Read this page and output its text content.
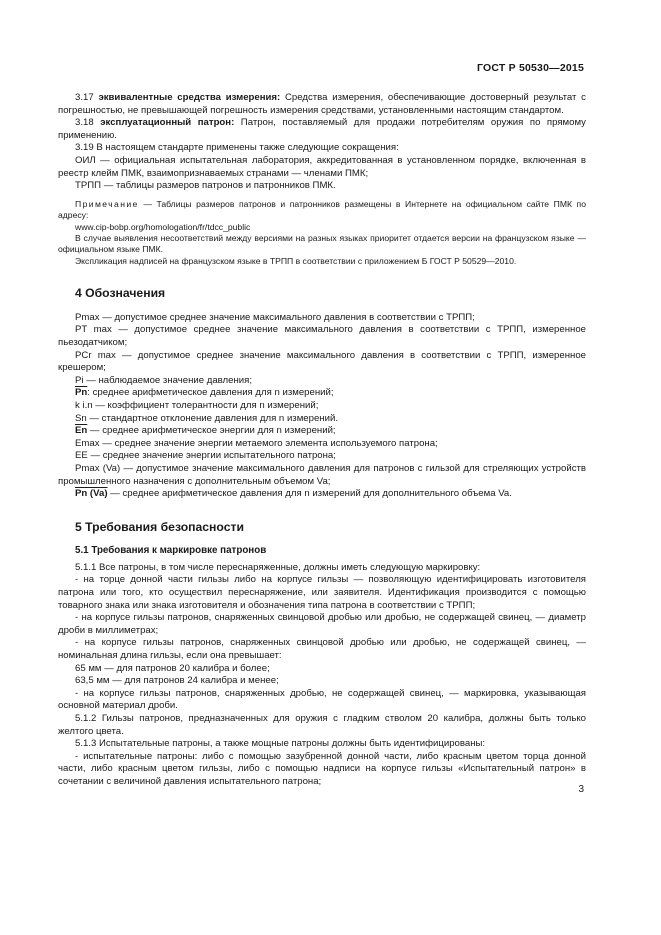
ГОСТ Р 50530—2015

3.17 эквивалентные средства измерения: Средства измерения, обеспечивающие достоверный результат с погрешностью, не превышающей погрешность измерения средствами, установленными настоящим стандартом.

3.18 эксплуатационный патрон: Патрон, поставляемый для продажи потребителям оружия по прямому применению.

3.19 В настоящем стандарте применены также следующие сокращения:

ОИЛ — официальная испытательная лаборатория, аккредитованная в установленном порядке, включенная в реестр клейм ПМК, взаимопризнаваемых странами — членами ПМК;

ТРПП — таблицы размеров патронов и патронников ПМК.

Примечание — Таблицы размеров патронов и патронников размещены в Интернете на официальном сайте ПМК по адресу:

www.cip-bobp.org/homologation/fr/tdcc_public

В случае выявления несоответствий между версиями на разных языках приоритет отдается версии на французском языке — официальном языке ПМК.

Экспликация надписей на французском языке в ТРПП в соответствии с приложением Б ГОСТ Р 50529—2010.

4 Обозначения

Pmax — допустимое среднее значение максимального давления в соответствии с ТРПП;

PT max — допустимое среднее значение максимального давления в соответствии с ТРПП, измеренное пьезодатчиком;

PCr max — допустимое среднее значение максимального давления в соответствии с ТРПП, измеренное крешером;

Pi — наблюдаемое значение давления;

$\overline{Pn}$: среднее арифметическое давления для n измерений;

k i.n — коэффициент толерантности для n измерений;

Sn — стандартное отклонение давления для n измерений.

$\overline{En}$ — среднее арифметическое энергии для n измерений;

Emax — среднее значение энергии метаемого элемента используемого патрона;

EE — среднее значение энергии испытательного патрона;

Pmax (Va) — допустимое значение максимального давления для патронов с гильзой для стреляющих устройств промышленного назначения с дополнительным объемом Va;

Pn (Va) — среднее арифметическое давления для n измерений для дополнительного объема Va.

5 Требования безопасности

5.1 Требования к маркировке патронов

5.1.1 Все патроны, в том числе переснаряженные, должны иметь следующую маркировку:

- на торце донной части гильзы либо на корпусе гильзы — позволяющую идентифицировать изготовителя патрона или того, кто осуществил переснаряжение, или заявителя. Идентификация производится с помощью товарного знака или знака изготовителя и обозначения типа патрона в соответствии с ТРПП;

- на корпусе гильзы патронов, снаряженных свинцовой дробью или дробью, не содержащей свинец, — диаметр дроби в миллиметрах;

- на корпусе гильзы патронов, снаряженных свинцовой дробью или дробью, не содержащей свинец, — номинальная длина гильзы, если она превышает:

65 мм — для патронов 20 калибра и более;

63,5 мм — для патронов 24 калибра и менее;

- на корпусе гильзы патронов, снаряженных дробью, не содержащей свинец, — маркировка, указывающая основной материал дроби.

5.1.2 Гильзы патронов, предназначенных для оружия с гладким стволом 20 калибра, должны быть только желтого цвета.

5.1.3 Испытательные патроны, а также мощные патроны должны быть идентифицированы:

- испытательные патроны: либо с помощью зазубренной донной части, либо красным цветом торца донной части, либо красным цветом гильзы, либо с помощью надписи на корпусе гильзы «Испытательный патрон» в сочетании с величиной давления испытательного патрона;

3
